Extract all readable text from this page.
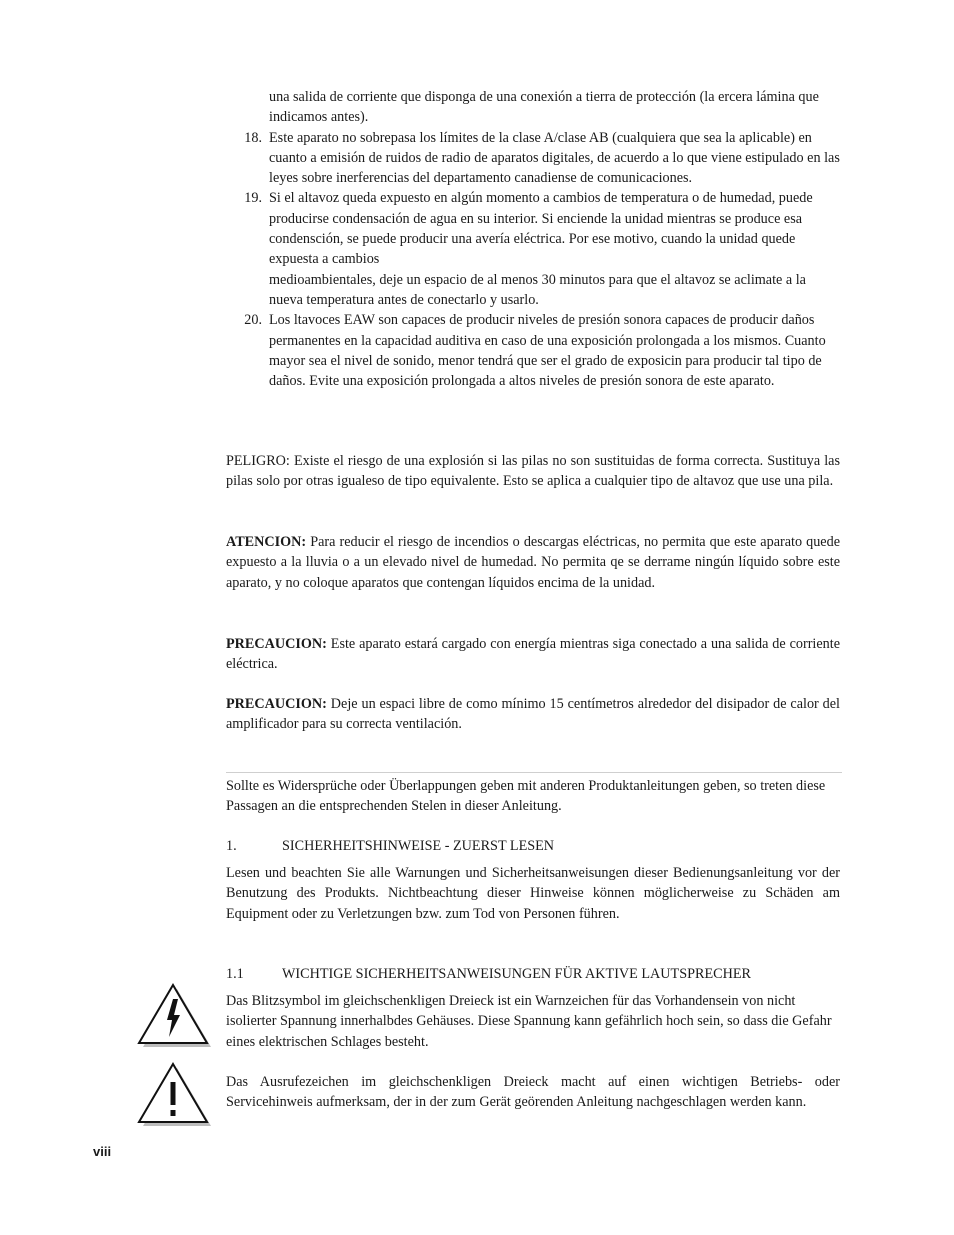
una salida de corriente que disponga de una conexión a tierra de protección (la ercera lámina que indicamos antes).

18. Este aparato no sobrepasa los límites de la clase A/clase AB (cualquiera que sea la aplicable) en cuanto a emisión de ruidos de radio de aparatos digitales, de acuerdo a lo que viene estipulado en las leyes sobre inerferencias del departamento canadiense de comunicaciones.

19. Si el altavoz queda expuesto en algún momento a cambios de temperatura o de humedad, puede producirse condensación de agua en su interior. Si enciende la unidad mientras se produce esa condensción, se puede producir una avería eléctrica. Por ese motivo, cuando la unidad quede expuesta a cambios

medioambientales, deje un espacio de al menos 30 minutos para que el altavoz se aclimate a la nueva temperatura antes de conectarlo y usarlo.

20. Los ltavoces EAW son capaces de producir niveles de presión sonora capaces de producir daños permanentes en la capacidad auditiva en caso de una exposición prolongada a los mismos. Cuanto mayor sea el nivel de sonido, menor tendrá que ser el grado de exposicin para producir tal tipo de daños. Evite una exposición prolongada a altos niveles de presión sonora de este aparato.

PELIGRO: Existe el riesgo de una explosión si las pilas no son sustituidas de forma correcta. Sustituya las pilas solo por otras igualeso de tipo equivalente. Esto se aplica a cualquier tipo de altavoz que use una pila.

ATENCION: Para reducir el riesgo de incendios o descargas eléctricas, no permita que este aparato quede expuesto a la lluvia o a un elevado nivel de humedad. No permita qe se derrame ningún líquido sobre este aparato, y no coloque aparatos que contengan líquidos encima de la unidad.

PRECAUCION: Este aparato estará cargado con energía mientras siga conectado a una salida de corriente eléctrica.

PRECAUCION: Deje un espaci libre de como mínimo 15 centímetros alrededor del disipador de calor del amplificador para su correcta ventilación.

Sollte es Widersprüche oder Überlappungen geben mit anderen Produktanleitungen geben, so treten diese Passagen an die entsprechenden Stelen in dieser Anleitung.

1.	SICHERHEITSHINWEISE - ZUERST LESEN

Lesen und beachten Sie alle Warnungen und Sicherheitsanweisungen dieser Bedienungsanleitung vor der Benutzung des Produkts. Nichtbeachtung dieser Hinweise können möglicherweise zu Schäden am Equipment oder zu Verletzungen bzw. zum Tod von Personen führen.

1.1	WICHTIGE SICHERHEITSANWEISUNGEN FÜR AKTIVE LAUTSPRECHER

Das Blitzsymbol im gleichschenkligen Dreieck ist ein Warnzeichen für das Vorhandensein von nicht isolierter Spannung innerhalbdes Gehäuses. Diese Spannung kann gefährlich hoch sein, so dass die Gefahr eines elektrischen Schlages besteht.

Das Ausrufezeichen im gleichschenkligen Dreieck macht auf einen wichtigen Betriebs- oder Servicehinweis aufmerksam, der in der zum Gerät geörenden Anleitung nachgeschlagen werden kann.

viii
